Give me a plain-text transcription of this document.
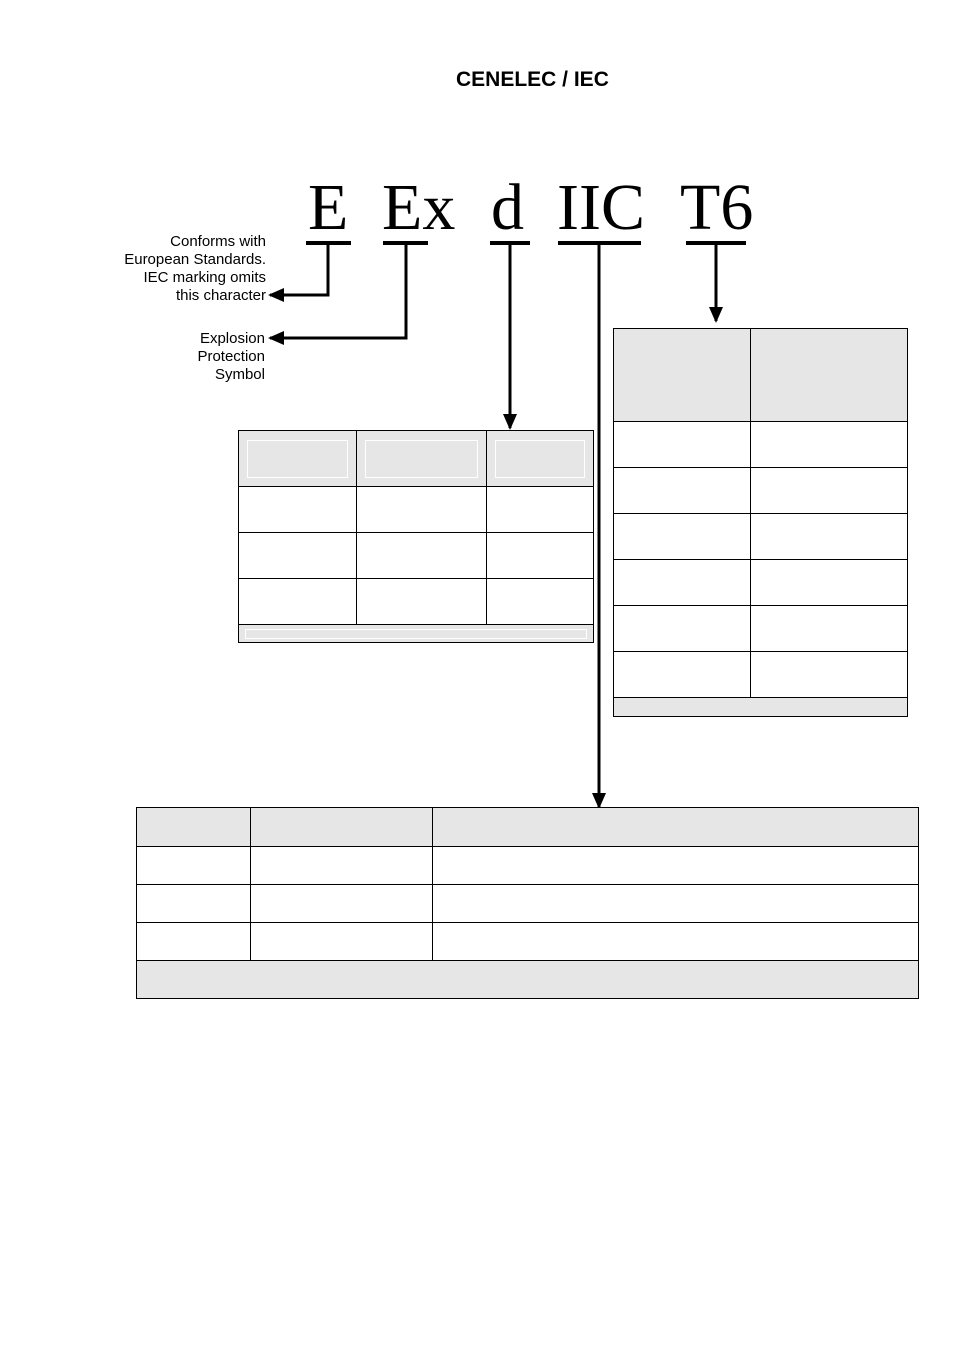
CENELEC / IEC
E Ex d IIC T6
Conforms with
European Standards.
IEC marking omits
this character
Explosion
Protection
Symbol
